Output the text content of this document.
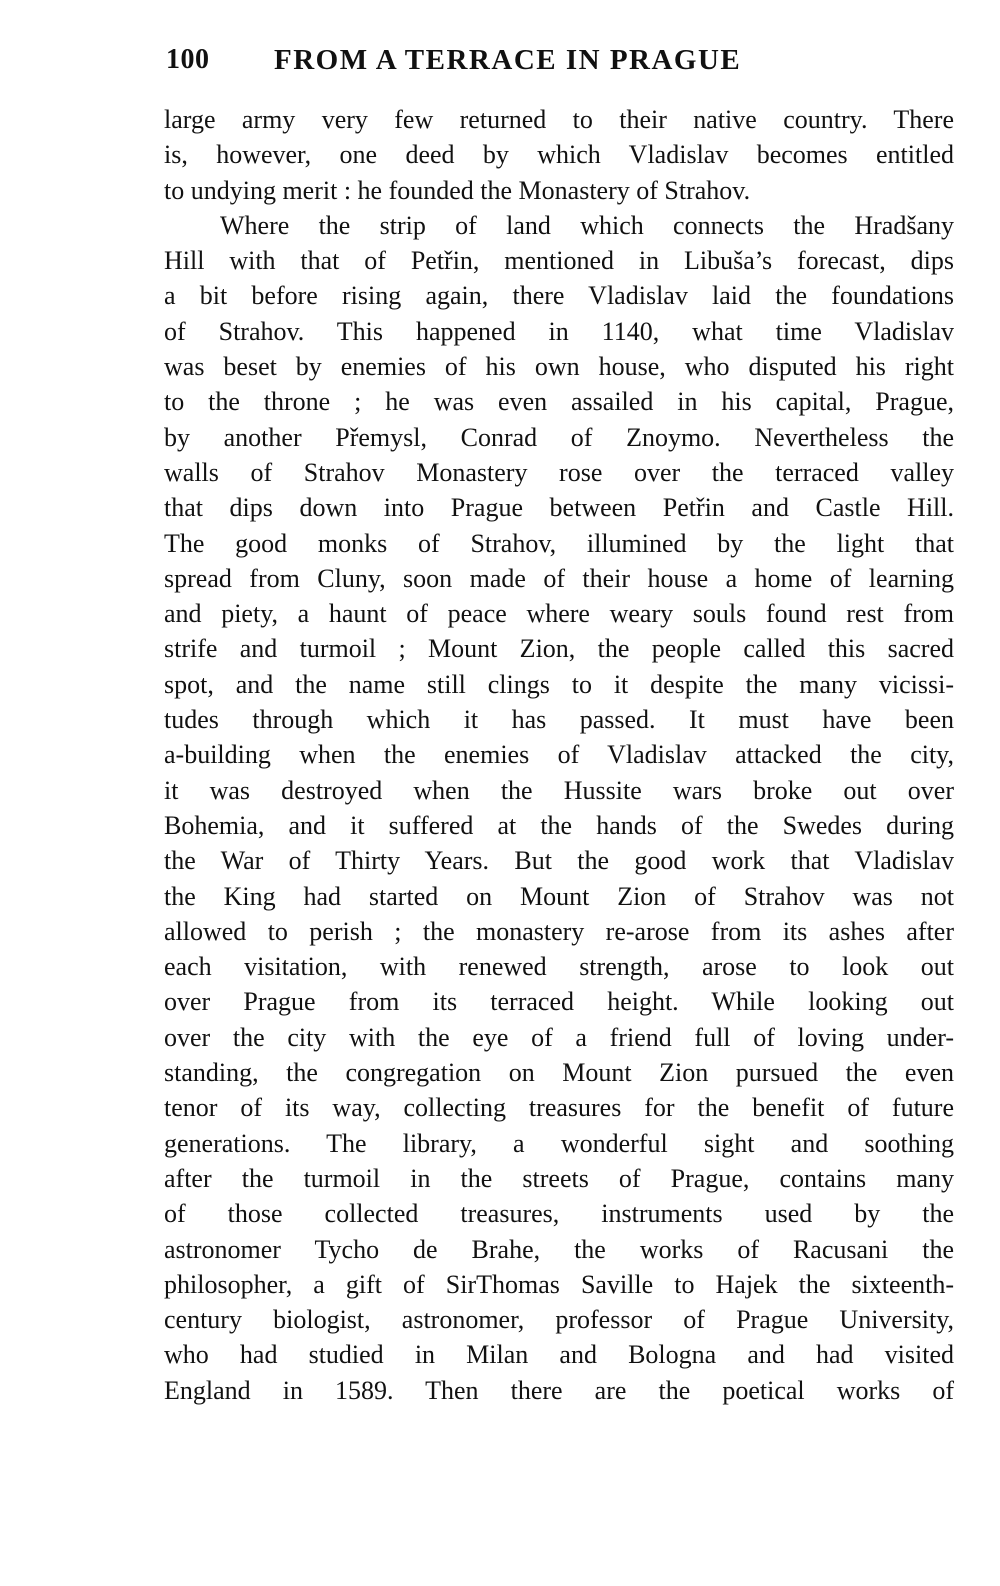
100 FROM A TERRACE IN PRAGUE
large army very few returned to their native country. There
is, however, one deed by which Vladislav becomes entitled
to undying merit : he founded the Monastery of Strahov.
Where the strip of land which connects the Hradšany
Hill with that of Petřin, mentioned in Libuša’s forecast, dips
a bit before rising again, there Vladislav laid the foundations
of Strahov. This happened in 1140, what time Vladislav
was beset by enemies of his own house, who disputed his right
to the throne ; he was even assailed in his capital, Prague,
by another Přemysl, Conrad of Znoymo. Nevertheless the
walls of Strahov Monastery rose over the terraced valley
that dips down into Prague between Petřin and Castle Hill.
The good monks of Strahov, illumined by the light that
spread from Cluny, soon made of their house a home of learning
and piety, a haunt of peace where weary souls found rest from
strife and turmoil ; Mount Zion, the people called this sacred
spot, and the name still clings to it despite the many vicissi-
tudes through which it has passed. It must have been
a-building when the enemies of Vladislav attacked the city,
it was destroyed when the Hussite wars broke out over
Bohemia, and it suffered at the hands of the Swedes during
the War of Thirty Years. But the good work that Vladislav
the King had started on Mount Zion of Strahov was not
allowed to perish ; the monastery re-arose from its ashes after
each visitation, with renewed strength, arose to look out
over Prague from its terraced height. While looking out
over the city with the eye of a friend full of loving under-
standing, the congregation on Mount Zion pursued the even
tenor of its way, collecting treasures for the benefit of future
generations. The library, a wonderful sight and soothing
after the turmoil in the streets of Prague, contains many
of those collected treasures, instruments used by the
astronomer Tycho de Brahe, the works of Racusani the
philosopher, a gift of SirThomas Saville to Hajek the sixteenth-
century biologist, astronomer, professor of Prague University,
who had studied in Milan and Bologna and had visited
England in 1589. Then there are the poetical works of
